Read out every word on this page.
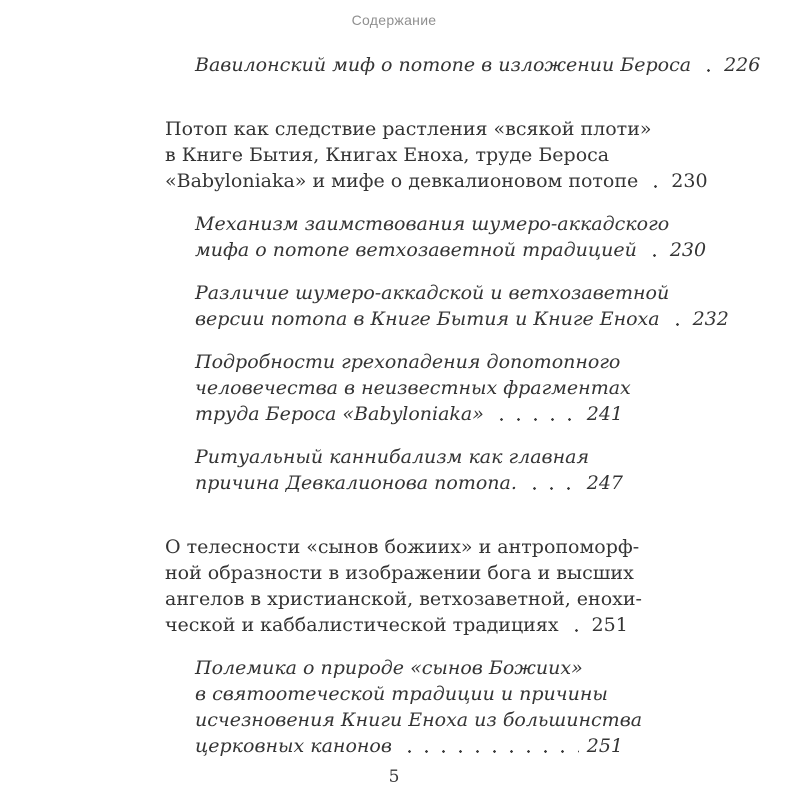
Содержание
Вавилонский миф о потопе в изложении Бероса 226
Потоп как следствие растления «всякой плоти»
в Книге Бытия, Книгах Еноха, труде Бероса
«Babyloniaka» и мифе о девкалионовом потопе 230
Механизм заимствования шумеро-аккадского
мифа о потопе ветхозаветной традицией 230
Различие шумеро-аккадской и ветхозаветной
версии потопа в Книге Бытия и Книге Еноха 232
Подробности грехопадения допотопного
человечества в неизвестных фрагментах
труда Бероса «Babyloniaka»	241
Ритуальный каннибализм как главная
причина Девкалионова потопа.	247
О телесности «сынов божиих» и антропоморф-
ной образности в изображении бога и высших
ангелов в христианской, ветхозаветной, енохи-
ческой и каббалистической традициях 251
Полемика о природе «сынов Божиих»
в святоотеческой традиции и причины
исчезновения Книги Еноха из большинства
церковных канонов	251
5
